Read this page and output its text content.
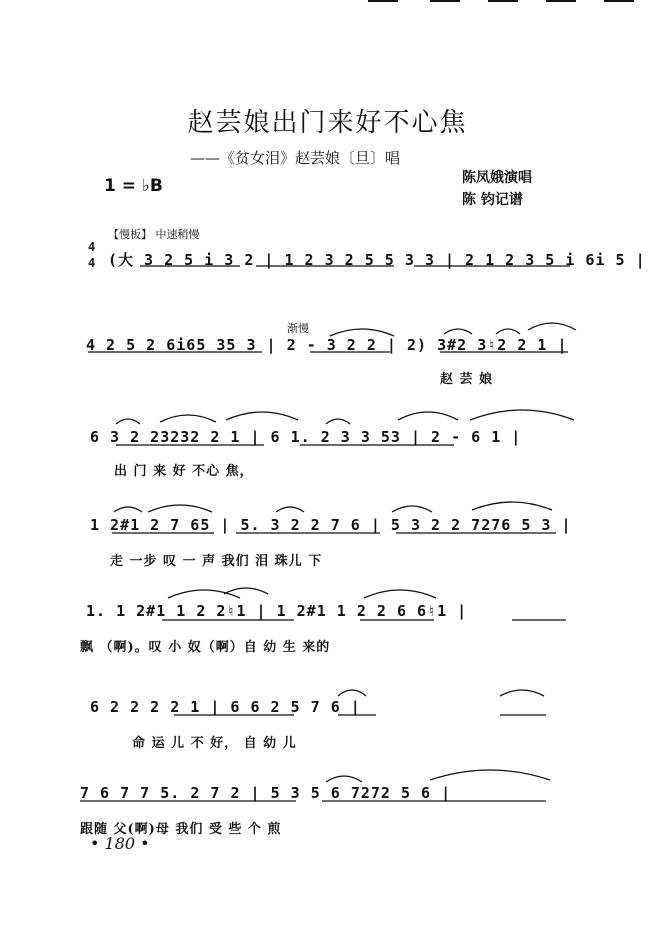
赵芸娘出门来好不心焦
——《贫女泪》赵芸娘〔旦〕唱
1 = ♭B	陈凤娥演唱
陈 钧记谱
【慢板】 中速稍慢
4
4 (大 3 2 5 i 3 2 | 1 2 3 2 5 5 3 3 | 2 1 2 3 5 i 6i 5 |
渐慢
4 2 5 2 6i65 35 3 | 2 - 3 2 2 | 2) 3#2 3♮2 2 1 |
赵 芸 娘
6 3 2 23232 2 1 | 6 1. 2 3 3 53 | 2 - 6 1 |
出 门 来 好 不心 焦，
1 2#1 2 7 65 | 5. 3 2 2 7 6 | 5 3 2 2 7276 5 3 |
走 一步 叹 一 声 我们 泪 珠儿 下
1. 1 2#1 1 2 2♮1 | 1 2#1 1 2 2 6 6♮1 |
飘 （啊)。叹 小 奴（啊）自 幼 生 来的
6 2 2 2 2 1 | 6 6 2 5 7 6 |
命 运 儿 不 好， 自 幼 儿
7 6 7 7 5. 2 7 2 | 5 3 5 6 7272 5 6 |
跟随 父(啊)母 我们 受 些 个 煎
• 180 •
